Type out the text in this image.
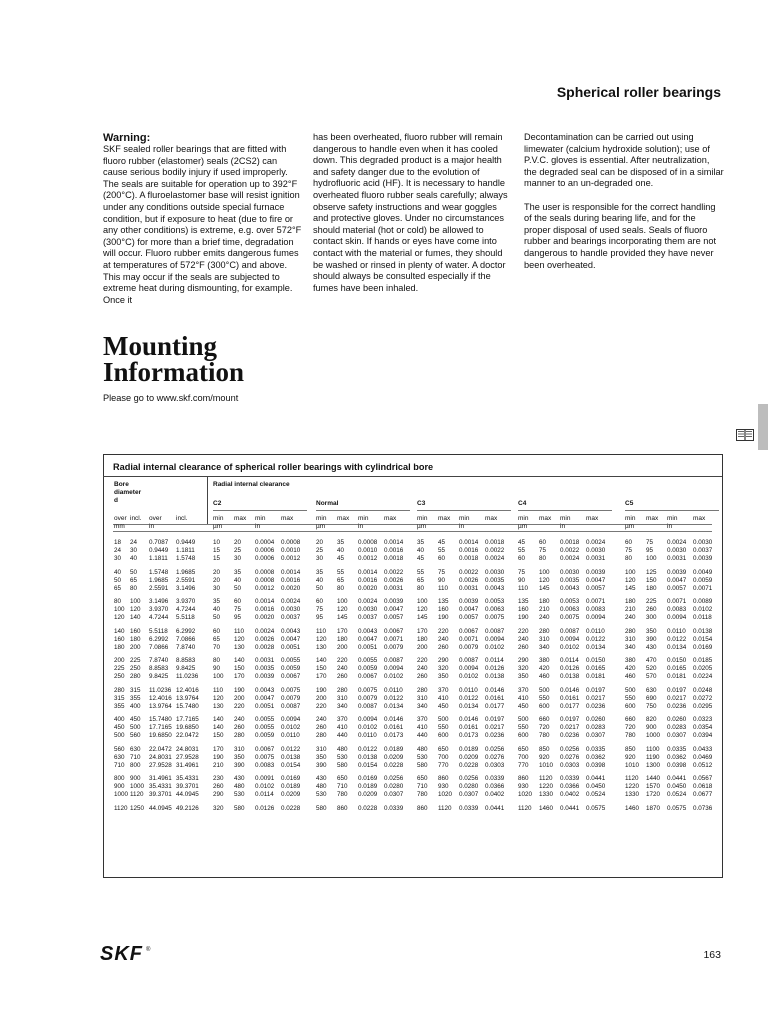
Spherical roller bearings
Warning:

SKF sealed roller bearings that are fitted with fluoro rubber (elastomer) seals (2CS2) can cause serious bodily injury if used improperly. The seals are suitable for operation up to 392°F (200°C). A fluroelastomer base will resist ignition under any conditions outside special furnace condition, but if exposure to heat (due to fire or any other conditions) is extreme, e.g. over 572°F (300°C) for more than a brief time, degradation will occur. Fluoro rubber emits dangerous fumes at temperatures of 572°F (300°C) and above. This may occur if the seals are subjected to extreme heat during dismounting, for example. Once it

has been overheated, fluoro rubber will remain dangerous to handle even when it has cooled down. This degraded product is a major health and safety danger due to the evolution of hydrofluoric acid (HF). It is necessary to handle overheated fluoro rubber seals carefully; always observe safety instructions and wear goggles and protective gloves. Under no circumstances should material (hot or cold) be allowed to contact skin. If hands or eyes have come into contact with the material or fumes, they should be washed or rinsed in plenty of water. A doctor should always be consulted especially if the fumes have been inhaled.

Decontamination can be carried out using limewater (calcium hydroxide solution); use of P.V.C. gloves is essential. After neutralization, the degraded seal can be disposed of in a similar manner to an un-degraded one.

The user is responsible for the correct handling of the seals during bearing life, and for the proper disposal of used seals. Seals of fluoro rubber and bearings incorporating them are not dangerous to handle provided they have never been overheated.

Mounting
Information
Please go to www.skf.com/mount
Radial internal clearance of spherical roller bearings with cylindrical bore
Bore
diameter
d
Radial internal clearance
C2
min max min max
µm	in
Normal
min max min max
µm	in
C3
min max min max
µm	in
C4
min max min max
µm	in
C5
min max min max
µm	in
over incl. over incl.
mm	in
18 24 0.7087 0.9449	10 20 0.0004 0.0008 20 35 0.0008 0.0014 35 45 0.0014 0.0018 45 60 0.0018 0.0024	60 75 0.0024 0.0030
24 30 0.9449 1.1811	15 25 0.0006 0.0010 25 40 0.0010 0.0016 40 55 0.0016 0.0022 55 75 0.0022 0.0030	75 95 0.0030 0.0037
30 40 1.1811 1.5748	15 30 0.0006 0.0012 30 45 0.0012 0.0018 45 60 0.0018 0.0024 60 80 0.0024 0.0031	80 100 0.0031 0.0039
40 50 1.5748 1.9685	20 35 0.0008 0.0014 35 55 0.0014 0.0022 55 75 0.0022 0.0030 75 100 0.0030 0.0039	100 125 0.0039 0.0049
50 65 1.9685 2.5591	20 40 0.0008 0.0016 40 65 0.0016 0.0026 65 90 0.0026 0.0035 90 120 0.0035 0.0047	120 150 0.0047 0.0059
65 80 2.5591 3.1496	30 50 0.0012 0.0020 50 80 0.0020 0.0031 80 110 0.0031 0.0043 110 145 0.0043 0.0057	145 180 0.0057 0.0071
80 100 3.1496 3.9370	35 60 0.0014 0.0024 60 100 0.0024 0.0039 100 135 0.0039 0.0053 135 180 0.0053 0.0071	180 225 0.0071 0.0089
100 120 3.9370 4.7244	40 75 0.0016 0.0030 75 120 0.0030 0.0047 120 160 0.0047 0.0063 160 210 0.0063 0.0083	210 260 0.0083 0.0102
120 140 4.7244 5.5118	50 95 0.0020 0.0037 95 145 0.0037 0.0057 145 190 0.0057 0.0075 190 240 0.0075 0.0094	240 300 0.0094 0.0118
140 160 5.5118 6.2992	60 110 0.0024 0.0043 110 170 0.0043 0.0067 170 220 0.0067 0.0087 220 280 0.0087 0.0110	280 350 0.0110 0.0138
160 180 6.2992 7.0866	65 120 0.0026 0.0047 120 180 0.0047 0.0071 180 240 0.0071 0.0094 240 310 0.0094 0.0122	310 390 0.0122 0.0154
180 200 7.0866 7.8740	70 130 0.0028 0.0051 130 200 0.0051 0.0079 200 260 0.0079 0.0102 260 340 0.0102 0.0134	340 430 0.0134 0.0169
200 225 7.8740 8.8583	80 140 0.0031 0.0055 140 220 0.0055 0.0087 220 290 0.0087 0.0114 290 380 0.0114 0.0150	380 470 0.0150 0.0185
225 250 8.8583 9.8425	90 150 0.0035 0.0059 150 240 0.0059 0.0094 240 320 0.0094 0.0126 320 420 0.0126 0.0165	420 520 0.0165 0.0205
250 280 9.8425 11.0236 100 170 0.0039 0.0067 170 260 0.0067 0.0102 260 350 0.0102 0.0138 350 460 0.0138 0.0181	460 570 0.0181 0.0224
280 315 11.0236 12.4016 110 190 0.0043 0.0075 190 280 0.0075 0.0110 280 370 0.0110 0.0146 370 500 0.0146 0.0197	500 630 0.0197 0.0248
315 355 12.4016 13.9764 120 200 0.0047 0.0079 200 310 0.0079 0.0122 310 410 0.0122 0.0161 410 550 0.0161 0.0217	550 690 0.0217 0.0272
355 400 13.9764 15.7480 130 220 0.0051 0.0087 220 340 0.0087 0.0134 340 450 0.0134 0.0177 450 600 0.0177 0.0236	600 750 0.0236 0.0295
400 450 15.7480 17.7165 140 240 0.0055 0.0094 240 370 0.0094 0.0146 370 500 0.0146 0.0197 500 660 0.0197 0.0260	660 820 0.0260 0.0323
450 500 17.7165 19.6850 140 260 0.0055 0.0102 260 410 0.0102 0.0161 410 550 0.0161 0.0217 550 720 0.0217 0.0283	720 900 0.0283 0.0354
500 560 19.6850 22.0472 150 280 0.0059 0.0110	280 440 0.0110 0.0173 440 600 0.0173 0.0236 600 780 0.0236 0.0307	780 1000 0.0307 0.0394
560 630 22.0472 24.8031 170 310 0.0067 0.0122 310 480 0.0122 0.0189 480 650 0.0189 0.0256 650 850 0.0256 0.0335	850 1100 0.0335 0.0433
630 710 24.8031 27.9528 190 350 0.0075 0.0138 350 530 0.0138 0.0209 530 700 0.0209 0.0276 700 920 0.0276 0.0362	920 1190 0.0362 0.0469
710 800 27.9528 31.4961 210 390 0.0083 0.0154 390 580 0.0154 0.0228 580 770 0.0228 0.0303 770 1010 0.0303 0.0398	1010 1300 0.0398 0.0512
800 900 31.4961 35.4331 230 430 0.0091 0.0169 430 650 0.0169 0.0256 650 860 0.0256 0.0339 860 1120 0.0339 0.0441	1120 1440 0.0441 0.0567
900 1000 35.4331 39.3701 260 480 0.0102 0.0189 480 710 0.0189 0.0280 710 930 0.0280 0.0366 930 1220 0.0366 0.0450	1220 1570 0.0450 0.0618
1000 1120 39.3701 44.0945 290 530 0.0114 0.0209 530 780 0.0209 0.0307 780 1020 0.0307 0.0402 1020 1330 0.0402 0.0524	1330 1720 0.0524 0.0677
1120 1250 44.0945 49.2126 320 580 0.0126 0.0228 580 860 0.0228 0.0339 860 1120 0.0339 0.0441 1120 1460 0.0441 0.0575	1460 1870 0.0575 0.0736
SKF ®	163
